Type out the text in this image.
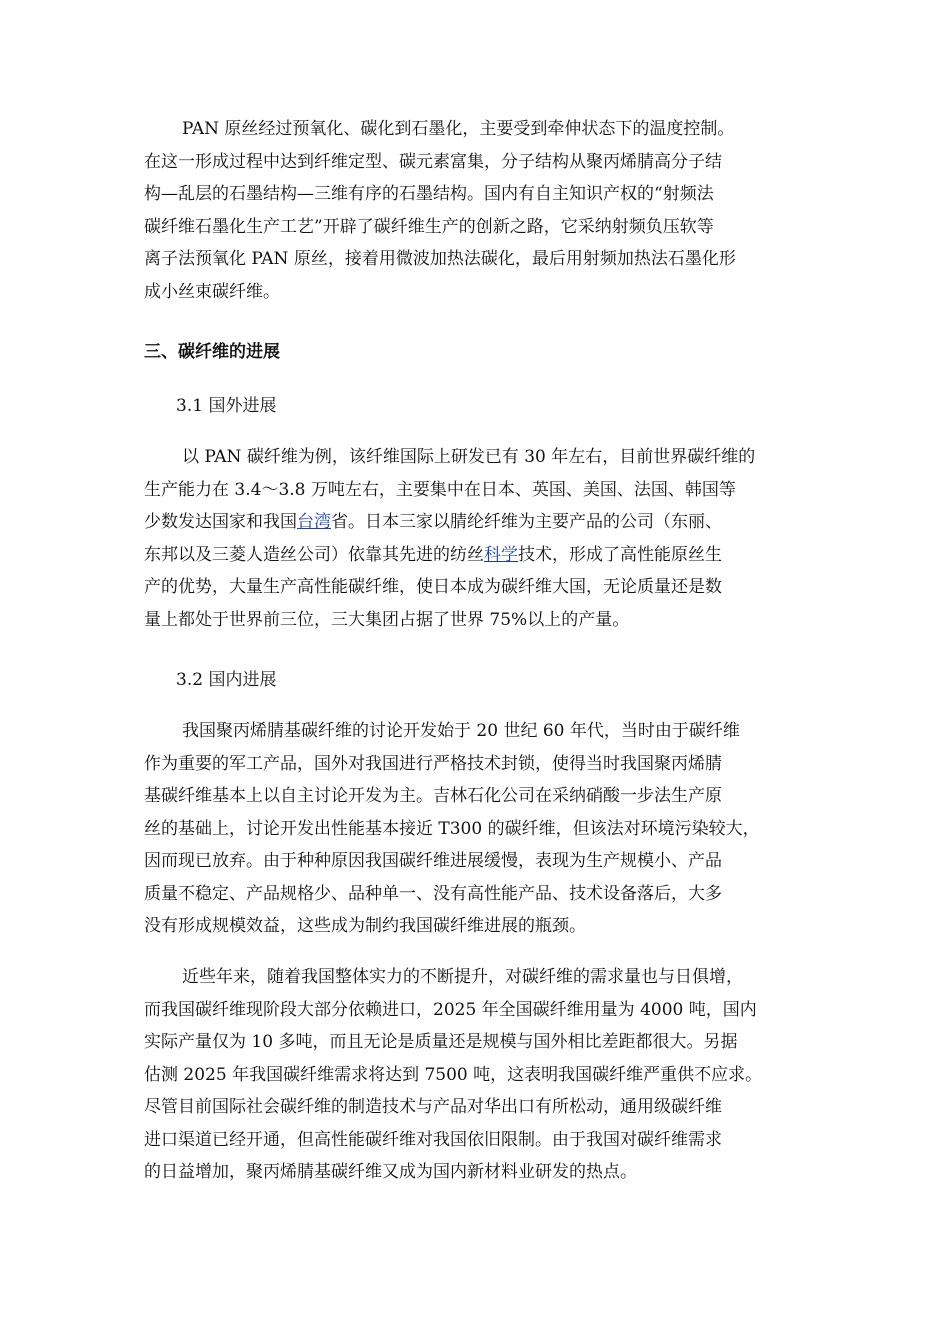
PAN 原丝经过预氧化、碳化到石墨化，主要受到牵伸状态下的温度控制。
在这一形成过程中达到纤维定型、碳元素富集，分子结构从聚丙烯腈高分子结
构—乱层的石墨结构—三维有序的石墨结构。国内有自主知识产权的“射频法
碳纤维石墨化生产工艺”开辟了碳纤维生产的创新之路，它采纳射频负压软等
离子法预氧化 PAN 原丝，接着用微波加热法碳化，最后用射频加热法石墨化形
成小丝束碳纤维。
三、碳纤维的进展
3.1 国外进展
以 PAN 碳纤维为例，该纤维国际上研发已有 30 年左右，目前世界碳纤维的
生产能力在 3.4～3.8 万吨左右，主要集中在日本、英国、美国、法国、韩国等
少数发达国家和我国台湾省。日本三家以腈纶纤维为主要产品的公司（东丽、
东邦以及三菱人造丝公司）依靠其先进的纺丝科学技术，形成了高性能原丝生
产的优势，大量生产高性能碳纤维，使日本成为碳纤维大国，无论质量还是数
量上都处于世界前三位，三大集团占据了世界 75%以上的产量。
3.2 国内进展
我国聚丙烯腈基碳纤维的讨论开发始于 20 世纪 60 年代，当时由于碳纤维
作为重要的军工产品，国外对我国进行严格技术封锁，使得当时我国聚丙烯腈
基碳纤维基本上以自主讨论开发为主。吉林石化公司在采纳硝酸一步法生产原
丝的基础上，讨论开发出性能基本接近 T300 的碳纤维，但该法对环境污染较大，
因而现已放弃。由于种种原因我国碳纤维进展缓慢，表现为生产规模小、产品
质量不稳定、产品规格少、品种单一、没有高性能产品、技术设备落后，大多
没有形成规模效益，这些成为制约我国碳纤维进展的瓶颈。
近些年来，随着我国整体实力的不断提升，对碳纤维的需求量也与日俱增，
而我国碳纤维现阶段大部分依赖进口，2025 年全国碳纤维用量为 4000 吨，国内
实际产量仅为 10 多吨，而且无论是质量还是规模与国外相比差距都很大。另据
估测 2025 年我国碳纤维需求将达到 7500 吨，这表明我国碳纤维严重供不应求。
尽管目前国际社会碳纤维的制造技术与产品对华出口有所松动，通用级碳纤维
进口渠道已经开通，但高性能碳纤维对我国依旧限制。由于我国对碳纤维需求
的日益增加，聚丙烯腈基碳纤维又成为国内新材料业研发的热点。
